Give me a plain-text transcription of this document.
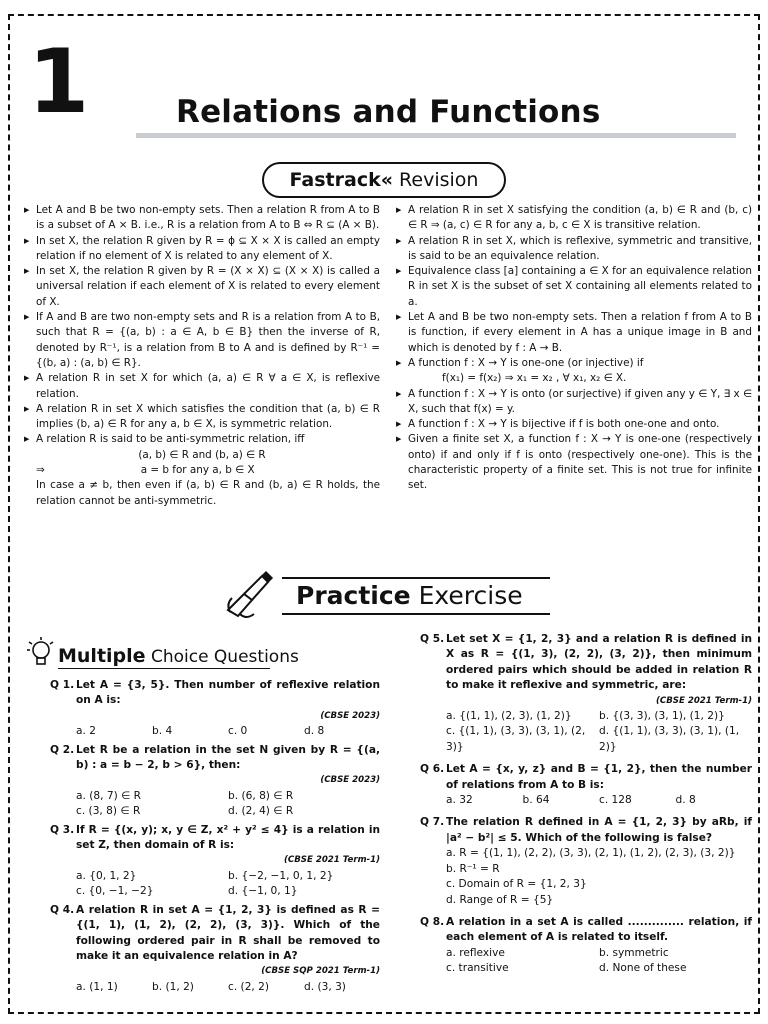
1	Relations and Functions
Fastrack« Revision
▶ Let A and B be two non-empty sets. Then a relation R from A to B is a subset of A × B. i.e., R is a relation from A to B ⇔ R ⊆ (A × B).
▶ In set X, the relation R given by R = ϕ ⊆ X × X is called an empty relation if no element of X is related to any element of X.
▶ In set X, the relation R given by R = (X × X) ⊆ (X × X) is called a universal relation if each element of X is related to every element of X.
▶ If A and B are two non-empty sets and R is a relation from A to B, such that R = {(a, b) : a ∈ A, b ∈ B} then the inverse of R, denoted by R⁻¹, is a relation from B to A and is defined by R⁻¹ = {(b, a) : (a, b) ∈ R}.
▶ A relation R in set X for which (a, a) ∈ R ∀ a ∈ X, is reflexive relation.
▶ A relation R in set X which satisfies the condition that (a, b) ∈ R implies (b, a) ∈ R for any a, b ∈ X, is symmetric relation.
▶ A relation R is said to be anti-symmetric relation, iff
(a, b) ∈ R and (b, a) ∈ R
⇒	a = b for any a, b ∈ X
In case a ≠ b, then even if (a, b) ∈ R and (b, a) ∈ R holds, the relation cannot be anti-symmetric.
▶ A relation R in set X satisfying the condition (a, b) ∈ R and (b, c) ∈ R ⇒ (a, c) ∈ R for any a, b, c ∈ X is transitive relation.
▶ A relation R in set X, which is reflexive, symmetric and transitive, is said to be an equivalence relation.
▶ Equivalence class [a] containing a ∈ X for an equivalence relation R in set X is the subset of set X containing all elements related to a.
▶ Let A and B be two non-empty sets. Then a relation f from A to B is function, if every element in A has a unique image in B and which is denoted by f : A → B.
▶ A function f : X → Y is one-one (or injective) if
f(x₁) = f(x₂) ⇒ x₁ = x₂ , ∀ x₁, x₂ ∈ X.
▶ A function f : X → Y is onto (or surjective) if given any y ∈ Y, ∃ x ∈ X, such that f(x) = y.
▶ A function f : X → Y is bijective if f is both one-one and onto.
▶ Given a finite set X, a function f : X → Y is one-one (respectively onto) if and only if f is onto (respectively one-one). This is the characteristic property of a finite set. This is not true for infinite set.
Practice Exercise
Multiple Choice Questions
Q 1. Let A = {3, 5}. Then number of reflexive relation on A is:
(CBSE 2023)
a. 2	b. 4	c. 0	d. 8
Q 2. Let R be a relation in the set N given by R = {(a, b) : a = b − 2, b > 6}, then:
(CBSE 2023)
a. (8, 7) ∈ R	b. (6, 8) ∈ R
c. (3, 8) ∈ R	d. (2, 4) ∈ R
Q 3. If R = {(x, y); x, y ∈ Z, x² + y² ≤ 4} is a relation in set Z, then domain of R is:
(CBSE 2021 Term-1)
a. {0, 1, 2}	b. {−2, −1, 0, 1, 2}
c. {0, −1, −2}	d. {−1, 0, 1}
Q 4. A relation R in set A = {1, 2, 3} is defined as R = {(1, 1), (1, 2), (2, 2), (3, 3)}. Which of the following ordered pair in R shall be removed to make it an equivalence relation in A?
(CBSE SQP 2021 Term-1)
a. (1, 1)	b. (1, 2)	c. (2, 2)	d. (3, 3)
Q 5. Let set X = {1, 2, 3} and a relation R is defined in X as R = {(1, 3), (2, 2), (3, 2)}, then minimum ordered pairs which should be added in relation R to make it reflexive and symmetric, are:
(CBSE 2021 Term-1)
a. {(1, 1), (2, 3), (1, 2)}	b. {(3, 3), (3, 1), (1, 2)}
c. {(1, 1), (3, 3), (3, 1), (2, 3)}
d. {(1, 1), (3, 3), (3, 1), (1, 2)}
Q 6. Let A = {x, y, z} and B = {1, 2}, then the number of relations from A to B is:
a. 32	b. 64	c. 128	d. 8
Q 7. The relation R defined in A = {1, 2, 3} by aRb, if |a² − b²| ≤ 5. Which of the following is false?
a. R = {(1, 1), (2, 2), (3, 3), (2, 1), (1, 2), (2, 3), (3, 2)}
b. R⁻¹ = R
c. Domain of R = {1, 2, 3}
d. Range of R = {5}
Q 8. A relation in a set A is called .............. relation, if each element of A is related to itself.
a. reflexive	b. symmetric
c. transitive	d. None of these
